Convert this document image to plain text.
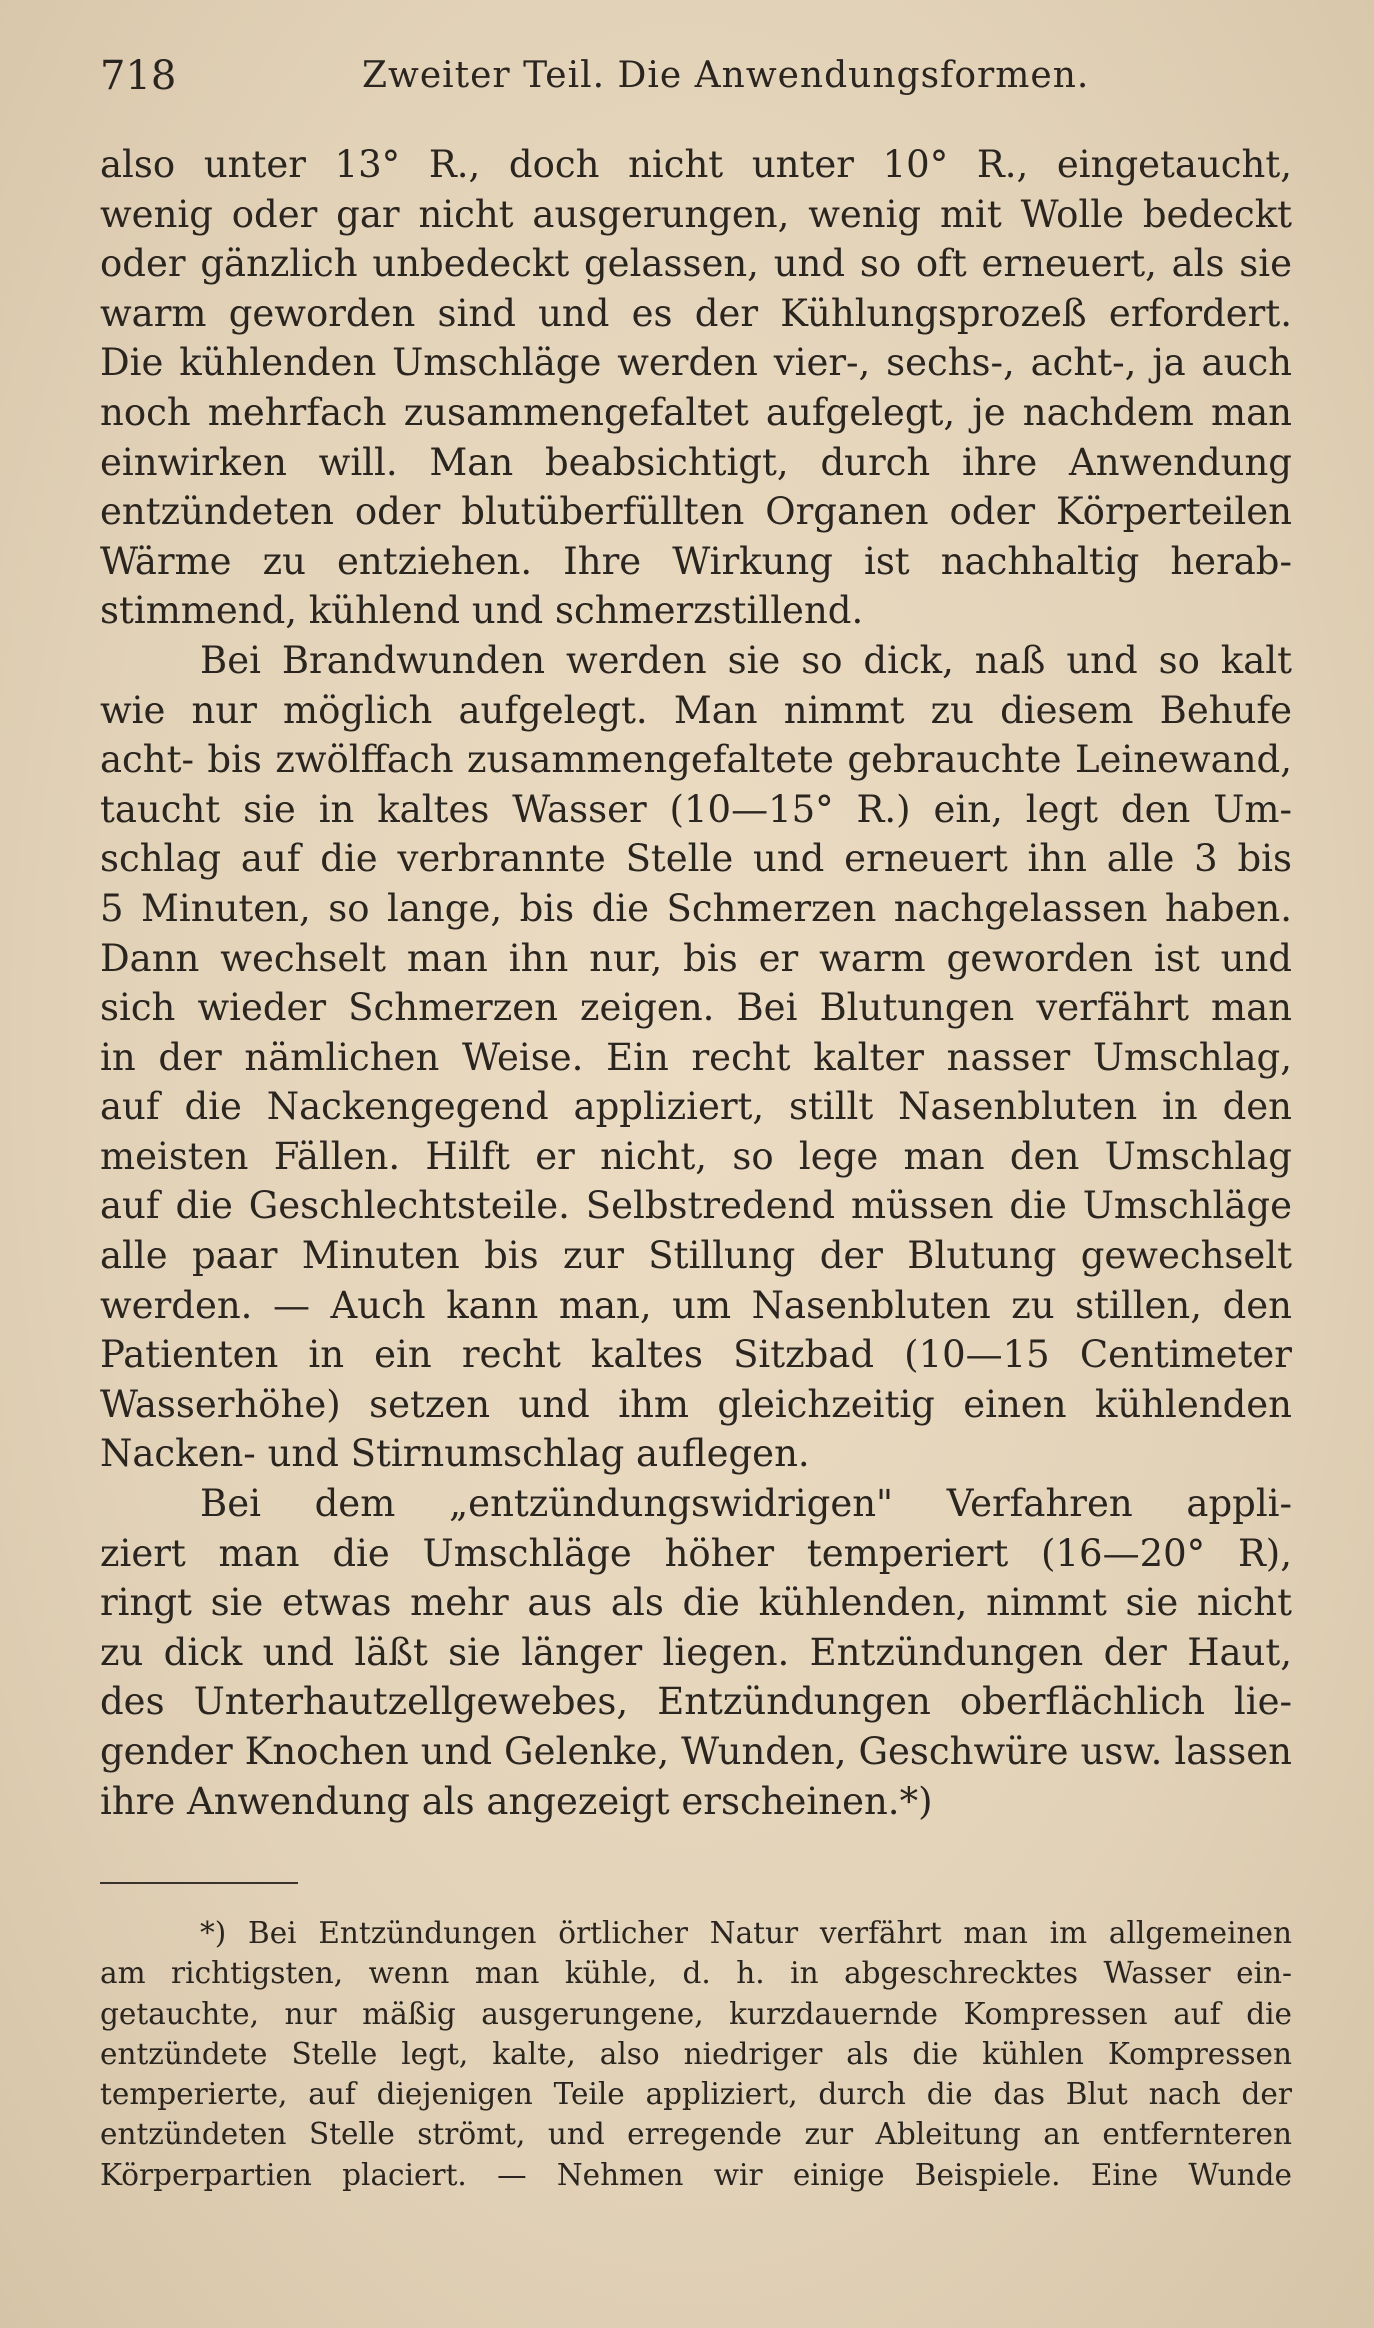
718	Zweiter Teil. Die Anwendungsformen.
also unter 13° R., doch nicht unter 10° R., eingetaucht,
wenig oder gar nicht ausgerungen, wenig mit Wolle bedeckt
oder gänzlich unbedeckt gelassen, und so oft erneuert, als sie
warm geworden sind und es der Kühlungsprozeß erfordert.
Die kühlenden Umschläge werden vier-, sechs-, acht-, ja auch
noch mehrfach zusammengefaltet aufgelegt, je nachdem man
einwirken will. Man beabsichtigt, durch ihre Anwendung
entzündeten oder blutüberfüllten Organen oder Körperteilen
Wärme zu entziehen. Ihre Wirkung ist nachhaltig herab-
stimmend, kühlend und schmerzstillend.
Bei Brandwunden werden sie so dick, naß und so kalt
wie nur möglich aufgelegt. Man nimmt zu diesem Behufe
acht- bis zwölffach zusammengefaltete gebrauchte Leinewand,
taucht sie in kaltes Wasser (10—15° R.) ein, legt den Um-
schlag auf die verbrannte Stelle und erneuert ihn alle 3 bis
5 Minuten, so lange, bis die Schmerzen nachgelassen haben.
Dann wechselt man ihn nur, bis er warm geworden ist und
sich wieder Schmerzen zeigen. Bei Blutungen verfährt man
in der nämlichen Weise. Ein recht kalter nasser Umschlag,
auf die Nackengegend appliziert, stillt Nasenbluten in den
meisten Fällen. Hilft er nicht, so lege man den Umschlag
auf die Geschlechtsteile. Selbstredend müssen die Umschläge
alle paar Minuten bis zur Stillung der Blutung gewechselt
werden. — Auch kann man, um Nasenbluten zu stillen, den
Patienten in ein recht kaltes Sitzbad (10—15 Centimeter
Wasserhöhe) setzen und ihm gleichzeitig einen kühlenden
Nacken- und Stirnumschlag auflegen.
Bei dem „entzündungswidrigen" Verfahren appli-
ziert man die Umschläge höher temperiert (16—20° R),
ringt sie etwas mehr aus als die kühlenden, nimmt sie nicht
zu dick und läßt sie länger liegen. Entzündungen der Haut,
des Unterhautzellgewebes, Entzündungen oberflächlich lie-
gender Knochen und Gelenke, Wunden, Geschwüre usw. lassen
ihre Anwendung als angezeigt erscheinen.*)
*) Bei Entzündungen örtlicher Natur verfährt man im allgemeinen
am richtigsten, wenn man kühle, d. h. in abgeschrecktes Wasser ein-
getauchte, nur mäßig ausgerungene, kurzdauernde Kompressen auf die
entzündete Stelle legt, kalte, also niedriger als die kühlen Kompressen
temperierte, auf diejenigen Teile appliziert, durch die das Blut nach der
entzündeten Stelle strömt, und erregende zur Ableitung an entfernteren
Körperpartien placiert. — Nehmen wir einige Beispiele. Eine Wunde
